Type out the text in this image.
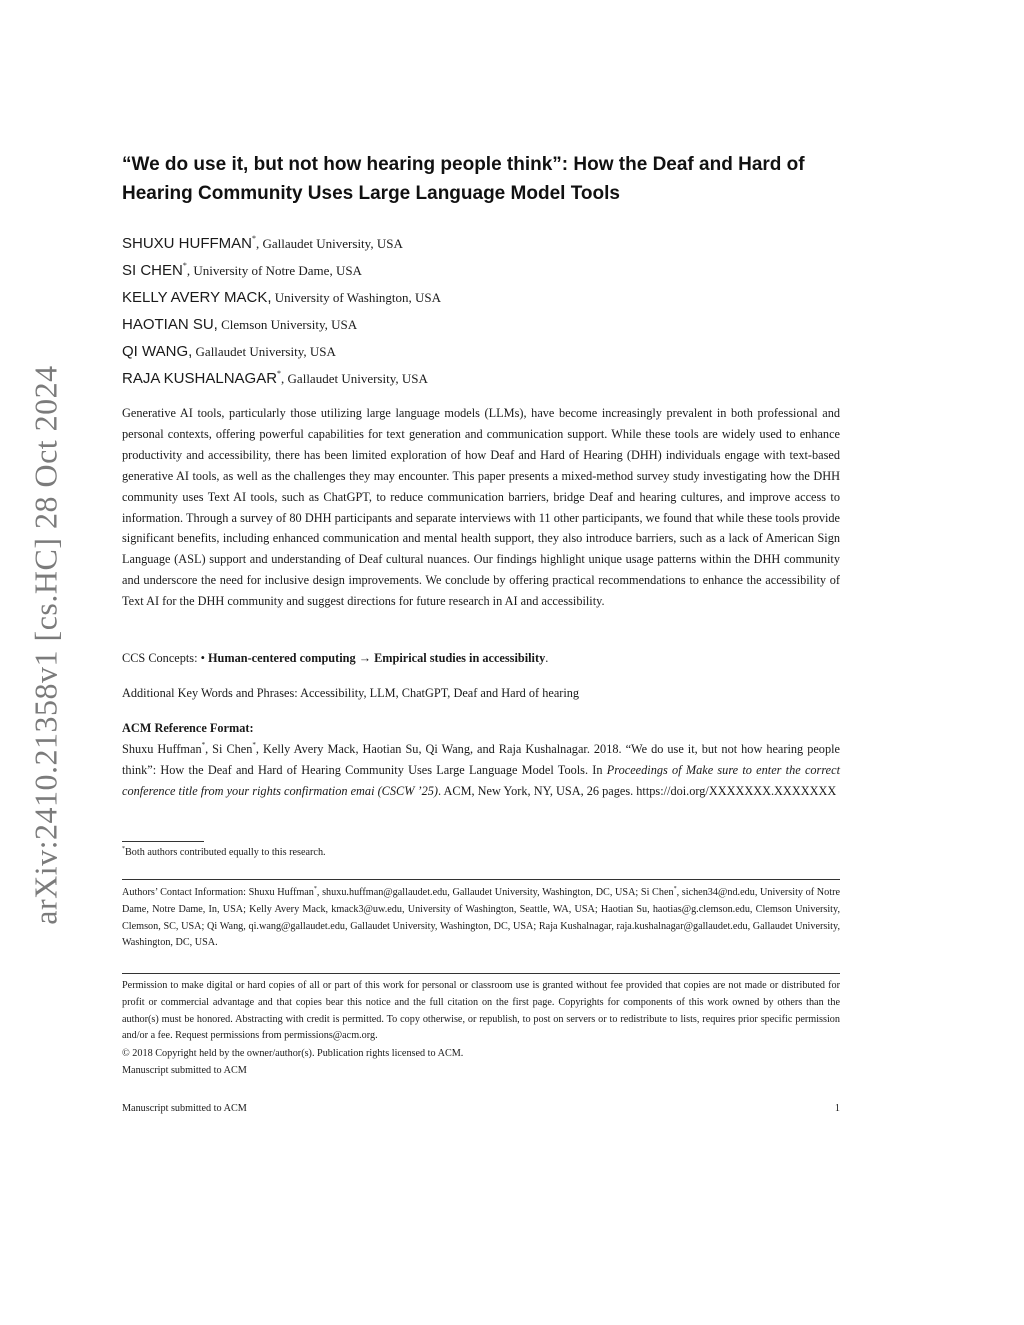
arXiv:2410.21358v1 [cs.HC] 28 Oct 2024
“We do use it, but not how hearing people think”: How the Deaf and Hard of
Hearing Community Uses Large Language Model Tools
SHUXU HUFFMAN*, Gallaudet University, USA
SI CHEN*, University of Notre Dame, USA
KELLY AVERY MACK, University of Washington, USA
HAOTIAN SU, Clemson University, USA
QI WANG, Gallaudet University, USA
RAJA KUSHALNAGAR*, Gallaudet University, USA
Generative AI tools, particularly those utilizing large language models (LLMs), have become increasingly prevalent in both professional and personal contexts, offering powerful capabilities for text generation and communication support. While these tools are widely used to enhance productivity and accessibility, there has been limited exploration of how Deaf and Hard of Hearing (DHH) individuals engage with text-based generative AI tools, as well as the challenges they may encounter. This paper presents a mixed-method survey study investigating how the DHH community uses Text AI tools, such as ChatGPT, to reduce communication barriers, bridge Deaf and hearing cultures, and improve access to information. Through a survey of 80 DHH participants and separate interviews with 11 other participants, we found that while these tools provide significant benefits, including enhanced communication and mental health support, they also introduce barriers, such as a lack of American Sign Language (ASL) support and understanding of Deaf cultural nuances. Our findings highlight unique usage patterns within the DHH community and underscore the need for inclusive design improvements. We conclude by offering practical recommendations to enhance the accessibility of Text AI for the DHH community and suggest directions for future research in AI and accessibility.
CCS Concepts: • Human-centered computing → Empirical studies in accessibility.
Additional Key Words and Phrases: Accessibility, LLM, ChatGPT, Deaf and Hard of hearing
ACM Reference Format:
Shuxu Huffman*, Si Chen*, Kelly Avery Mack, Haotian Su, Qi Wang, and Raja Kushalnagar. 2018. “We do use it, but not how hearing people think”: How the Deaf and Hard of Hearing Community Uses Large Language Model Tools. In Proceedings of Make sure to enter the correct conference title from your rights confirmation emai (CSCW ’25). ACM, New York, NY, USA, 26 pages. https://doi.org/XXXXXXX.XXXXXXX
*Both authors contributed equally to this research.
Authors’ Contact Information: Shuxu Huffman*, shuxu.huffman@gallaudet.edu, Gallaudet University, Washington, DC, USA; Si Chen*, sichen34@nd.edu, University of Notre Dame, Notre Dame, In, USA; Kelly Avery Mack, kmack3@uw.edu, University of Washington, Seattle, WA, USA; Haotian Su, haotias@g.clemson.edu, Clemson University, Clemson, SC, USA; Qi Wang, qi.wang@gallaudet.edu, Gallaudet University, Washington, DC, USA; Raja Kushalnagar, raja.kushalnagar@gallaudet.edu, Gallaudet University, Washington, DC, USA.
Permission to make digital or hard copies of all or part of this work for personal or classroom use is granted without fee provided that copies are not made or distributed for profit or commercial advantage and that copies bear this notice and the full citation on the first page. Copyrights for components of this work owned by others than the author(s) must be honored. Abstracting with credit is permitted. To copy otherwise, or republish, to post on servers or to redistribute to lists, requires prior specific permission and/or a fee. Request permissions from permissions@acm.org.
© 2018 Copyright held by the owner/author(s). Publication rights licensed to ACM.
Manuscript submitted to ACM
Manuscript submitted to ACM	1
